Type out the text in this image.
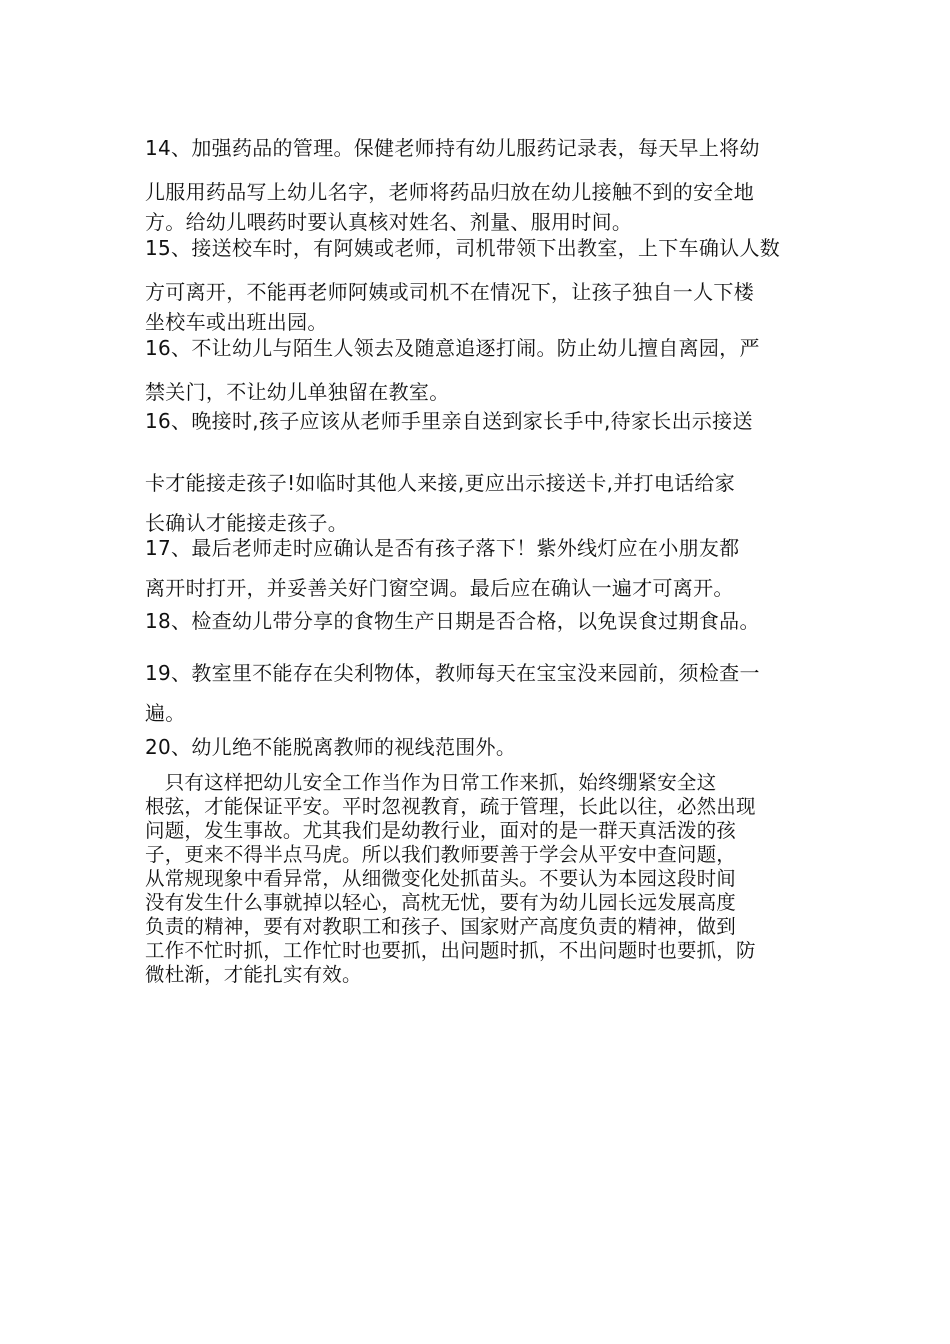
14、加强药品的管理。保健老师持有幼儿服药记录表，每天早上将幼
儿服用药品写上幼儿名字，老师将药品归放在幼儿接触不到的安全地
方。给幼儿喂药时要认真核对姓名、剂量、服用时间。
15、接送校车时，有阿姨或老师，司机带领下出教室，上下车确认人数
方可离开，不能再老师阿姨或司机不在情况下，让孩子独自一人下楼
坐校车或出班出园。
16、不让幼儿与陌生人领去及随意追逐打闹。防止幼儿擅自离园，严
禁关门，不让幼儿单独留在教室。
16、晚接时,孩子应该从老师手里亲自送到家长手中,待家长出示接送
卡才能接走孩子!如临时其他人来接,更应出示接送卡,并打电话给家
长确认才能接走孩子。
17、最后老师走时应确认是否有孩子落下！紫外线灯应在小朋友都
离开时打开，并妥善关好门窗空调。最后应在确认一遍才可离开。
18、检查幼儿带分享的食物生产日期是否合格，以免误食过期食品。
19、教室里不能存在尖利物体，教师每天在宝宝没来园前，须检查一
遍。
20、幼儿绝不能脱离教师的视线范围外。
　只有这样把幼儿安全工作当作为日常工作来抓，始终绷紧安全这
根弦，才能保证平安。平时忽视教育，疏于管理，长此以往，必然出现
问题，发生事故。尤其我们是幼教行业，面对的是一群天真活泼的孩
子，更来不得半点马虎。所以我们教师要善于学会从平安中查问题，
从常规现象中看异常，从细微变化处抓苗头。不要认为本园这段时间
没有发生什么事就掉以轻心，高枕无忧，要有为幼儿园长远发展高度
负责的精神，要有对教职工和孩子、国家财产高度负责的精神，做到
工作不忙时抓，工作忙时也要抓，出问题时抓，不出问题时也要抓，防
微杜渐，才能扎实有效。
